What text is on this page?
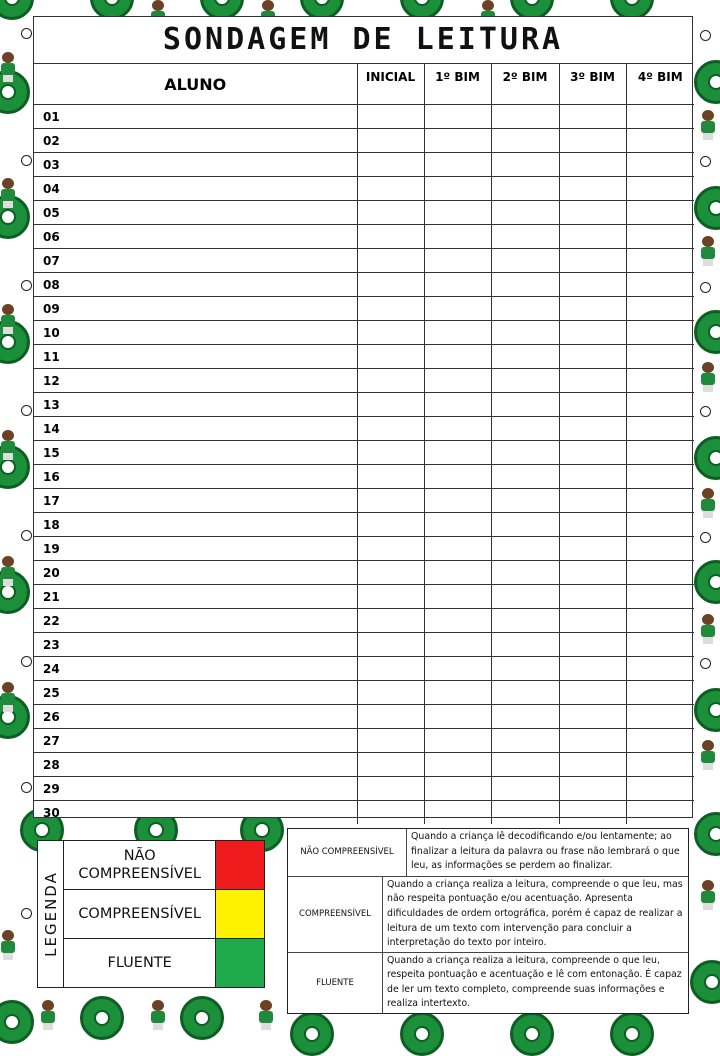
SONDAGEM DE LEITURA
ALUNO	INICIAL	1º BIM	2º BIM	3º BIM	4º BIM
01					
02					
03					
04					
05					
06					
07					
08					
09					
10					
11					
12					
13					
14					
15					
16					
17					
18					
19					
20					
21					
22					
23					
24					
25					
26					
27					
28					
29					
30					
LEGENDA
NÃO COMPREENSÍVEL
COMPREENSÍVEL
FLUENTE
NÃO COMPREENSÍVEL
Quando a criança lê decodificando e/ou lentamente; ao finalizar a leitura da palavra ou frase não lembrará o que leu, as informações se perdem ao finalizar.
COMPREENSÍVEL
Quando a criança realiza a leitura, compreende o que leu, mas não respeita pontuação e/ou acentuação. Apresenta dificuldades de ordem ortográfica, porém é capaz de realizar a leitura de um texto com intervenção para concluir a interpretação do texto por inteiro.
FLUENTE
Quando a criança realiza a leitura, compreende o que leu, respeita pontuação e acentuação e lê com entonação. É capaz de ler um texto completo, compreende suas informações e realiza intertexto.
